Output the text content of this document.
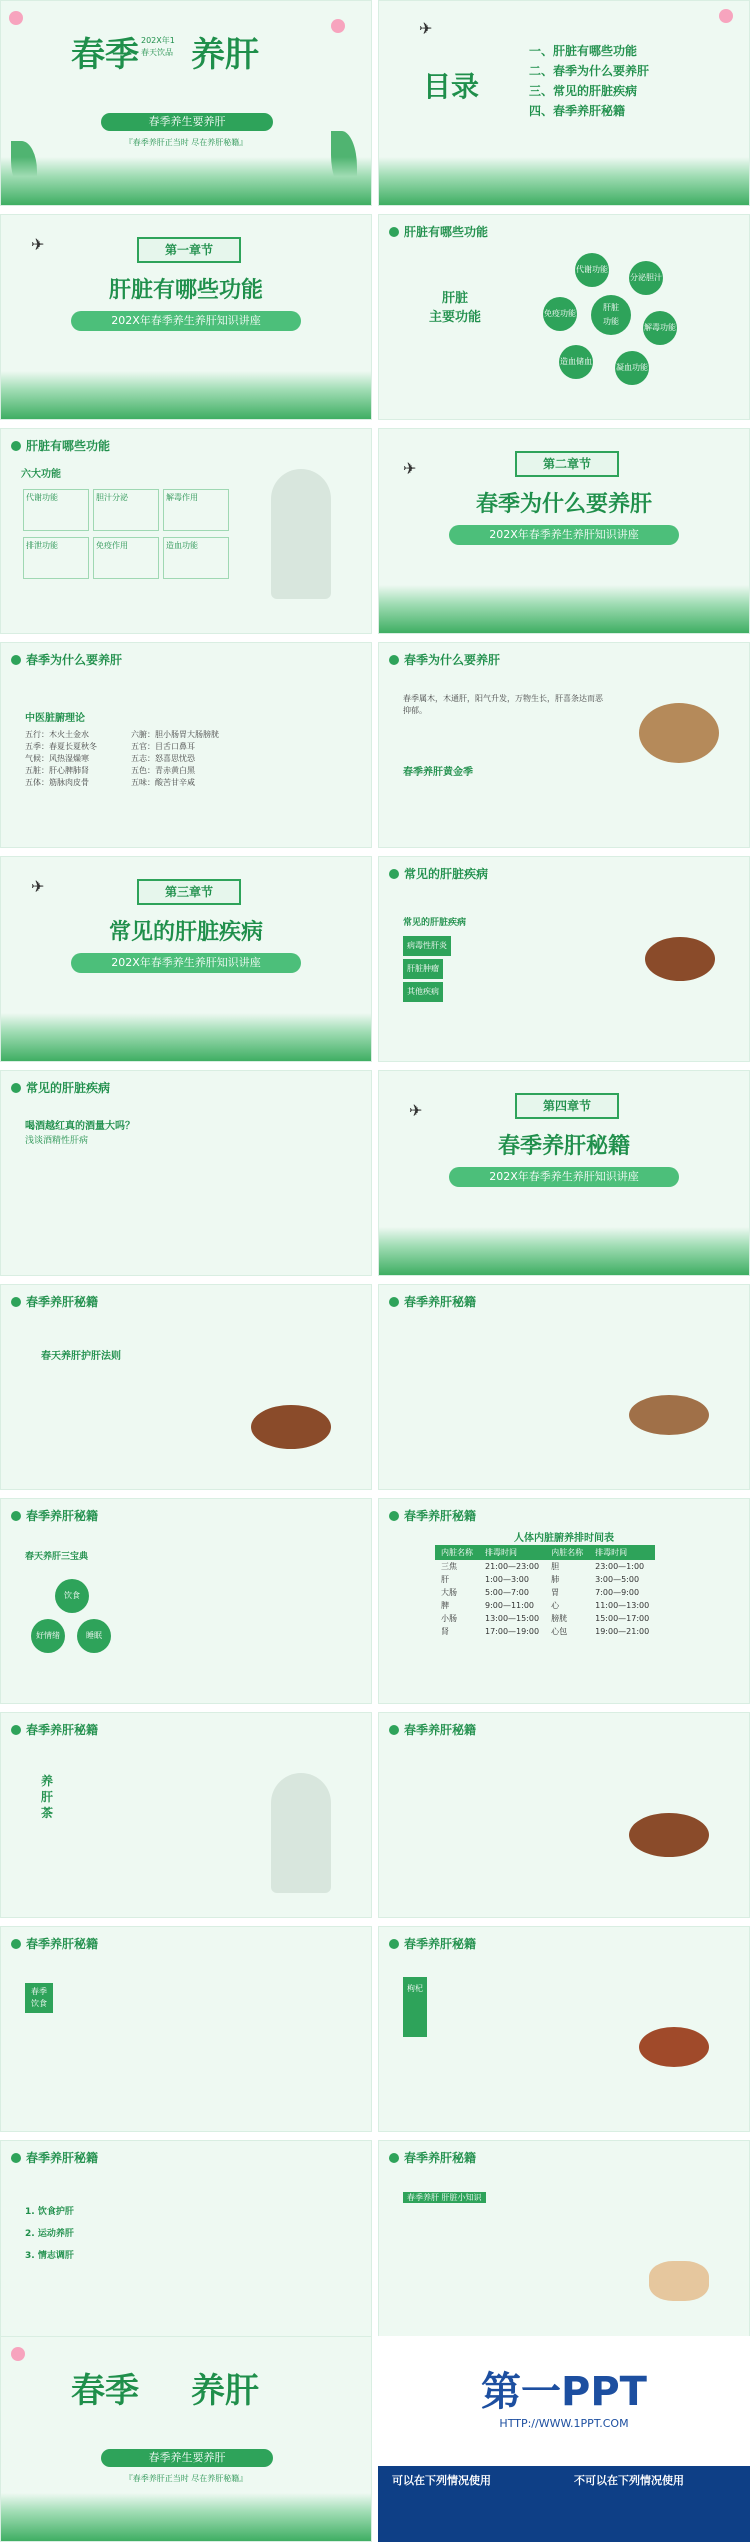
春季	养肝
202X年1
春天饮品
春季养生要养肝
『春季养肝正当时 尽在养肝秘籍』
✈
目录
一、肝脏有哪些功能
二、春季为什么要养肝
三、常见的肝脏疾病
四、春季养肝秘籍
✈	第一章节
肝脏有哪些功能
202X年春季养生养肝知识讲座
肝脏有哪些功能
肝脏
主要功能
肝脏
功能
代谢功能
分泌胆汁
解毒功能
凝血功能
造血储血
免疫功能
肝脏有哪些功能
六大功能
代谢功能	胆汁分泌	解毒作用 排泄功能	免疫作用	造血功能
✈	第二章节
春季为什么要养肝
202X年春季养生养肝知识讲座
春季为什么要养肝
中医脏腑理论
五行：木火土金水
五季：春夏长夏秋冬
气候：风热湿燥寒
五脏：肝心脾肺肾
五体：筋脉肉皮骨
六腑：胆小肠胃大肠膀胱
五官：目舌口鼻耳
五志：怒喜思忧恐
五色：青赤黄白黑
五味：酸苦甘辛咸
春季为什么要养肝
春季属木，木通肝，阳气升发，万物生长，肝喜条达而恶抑郁。
春季养肝黄金季
✈	第三章节
常见的肝脏疾病
202X年春季养生养肝知识讲座
常见的肝脏疾病
常见的肝脏疾病
病毒性肝炎
肝脏肿瘤
其他疾病
常见的肝脏疾病
喝酒越红真的酒量大吗？
浅谈酒精性肝病
✈	第四章节
春季养肝秘籍
202X年春季养生养肝知识讲座
春季养肝秘籍
春天养肝护肝法则
春季养肝秘籍
春季养肝秘籍
春天养肝三宝典
饮食
好情绪	睡眠
春季养肝秘籍
人体内脏腑养排时间表
内脏名称	排毒时间	内脏名称	排毒时间
三焦	21:00—23:00	胆	23:00—1:00
肝	1:00—3:00	肺	3:00—5:00
大肠	5:00—7:00	胃	7:00—9:00
脾	9:00—11:00	心	11:00—13:00
小肠	13:00—15:00	膀胱	15:00—17:00
肾	17:00—19:00	心包	19:00—21:00
春季养肝秘籍
养
肝
茶
春季养肝秘籍
春季养肝秘籍
春季
饮食
春季养肝秘籍
枸杞
春季养肝秘籍
1. 饮食护肝
2. 运动养肝
3. 情志调肝
春季养肝秘籍
春季养肝 肝脏小知识
春季	养肝
春季养生要养肝
『春季养肝正当时 尽在养肝秘籍』
第一PPT
HTTP://WWW.1PPT.COM
可以在下列情况使用	不可以在下列情况使用
